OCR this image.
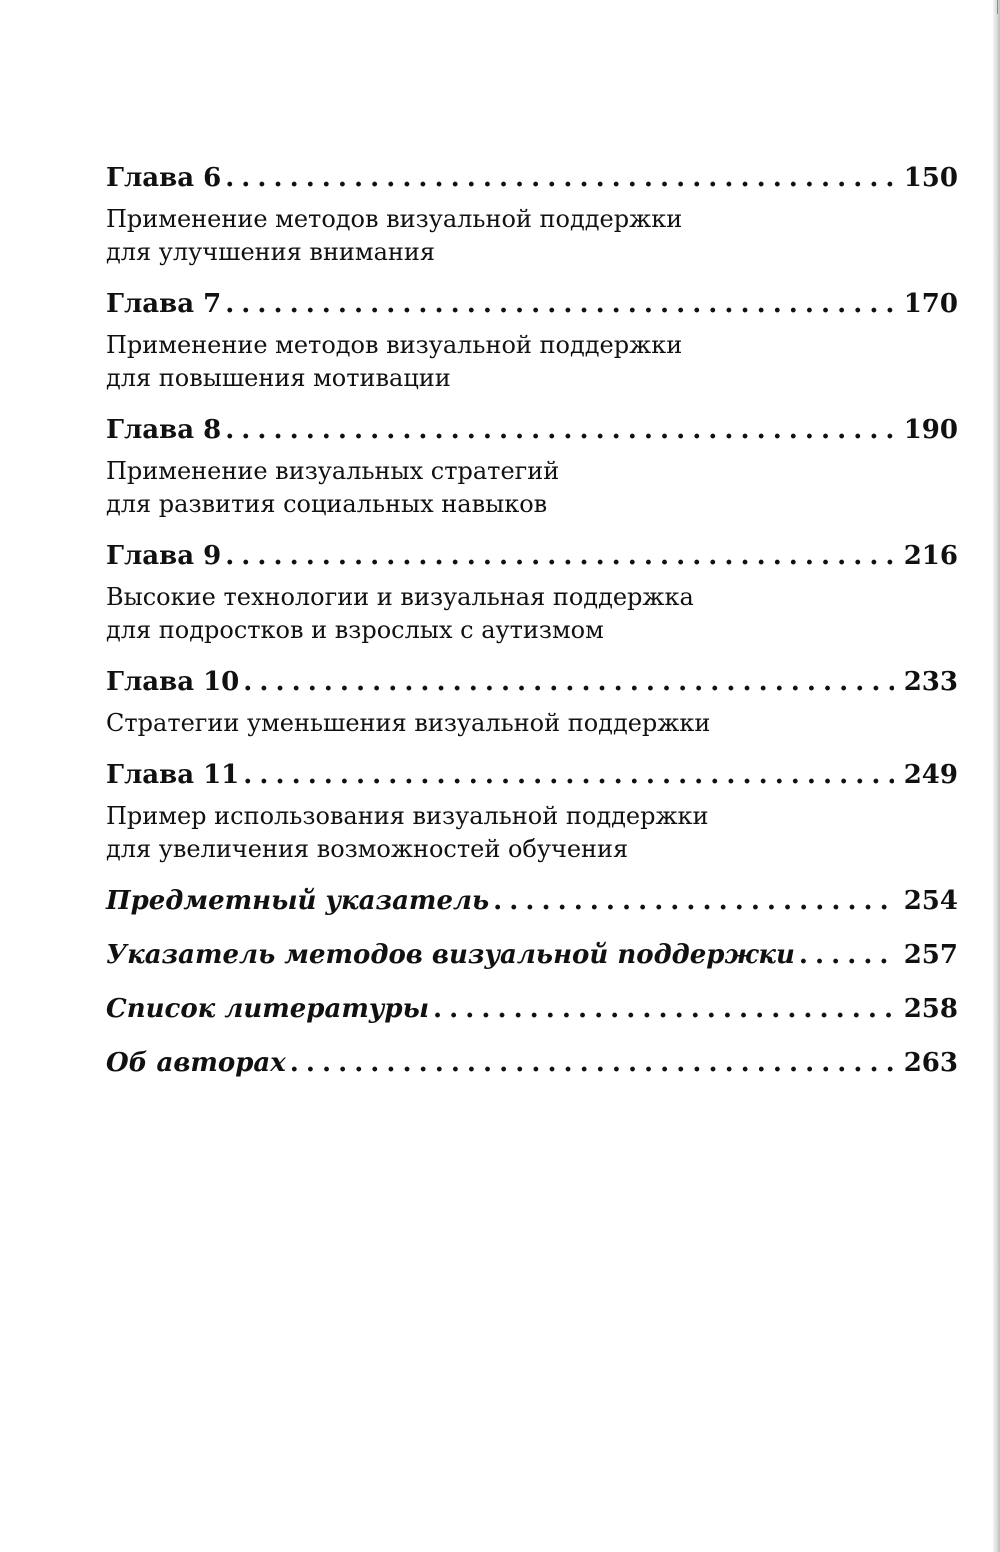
Глава 6 . . .	150

Применение методов визуальной поддержки

для улучшения внимания

Глава 7 . . .	170

Применение методов визуальной поддержки

для повышения мотивации

Глава 8 . . .	190

Применение визуальных стратегий

для развития социальных навыков

Глава 9 . . .	216

Высокие технологии и визуальная поддержка

для подростков и взрослых с аутизмом

Глава 10 . . .	233

Стратегии уменьшения визуальной поддержки

Глава 11 . . .	249

Пример использования визуальной поддержки

для увеличения возможностей обучения

Предметный указатель . . .	254
Указатель методов визуальной поддержки . . .	257
Список литературы . . .	258
Об авторах . . .	263
